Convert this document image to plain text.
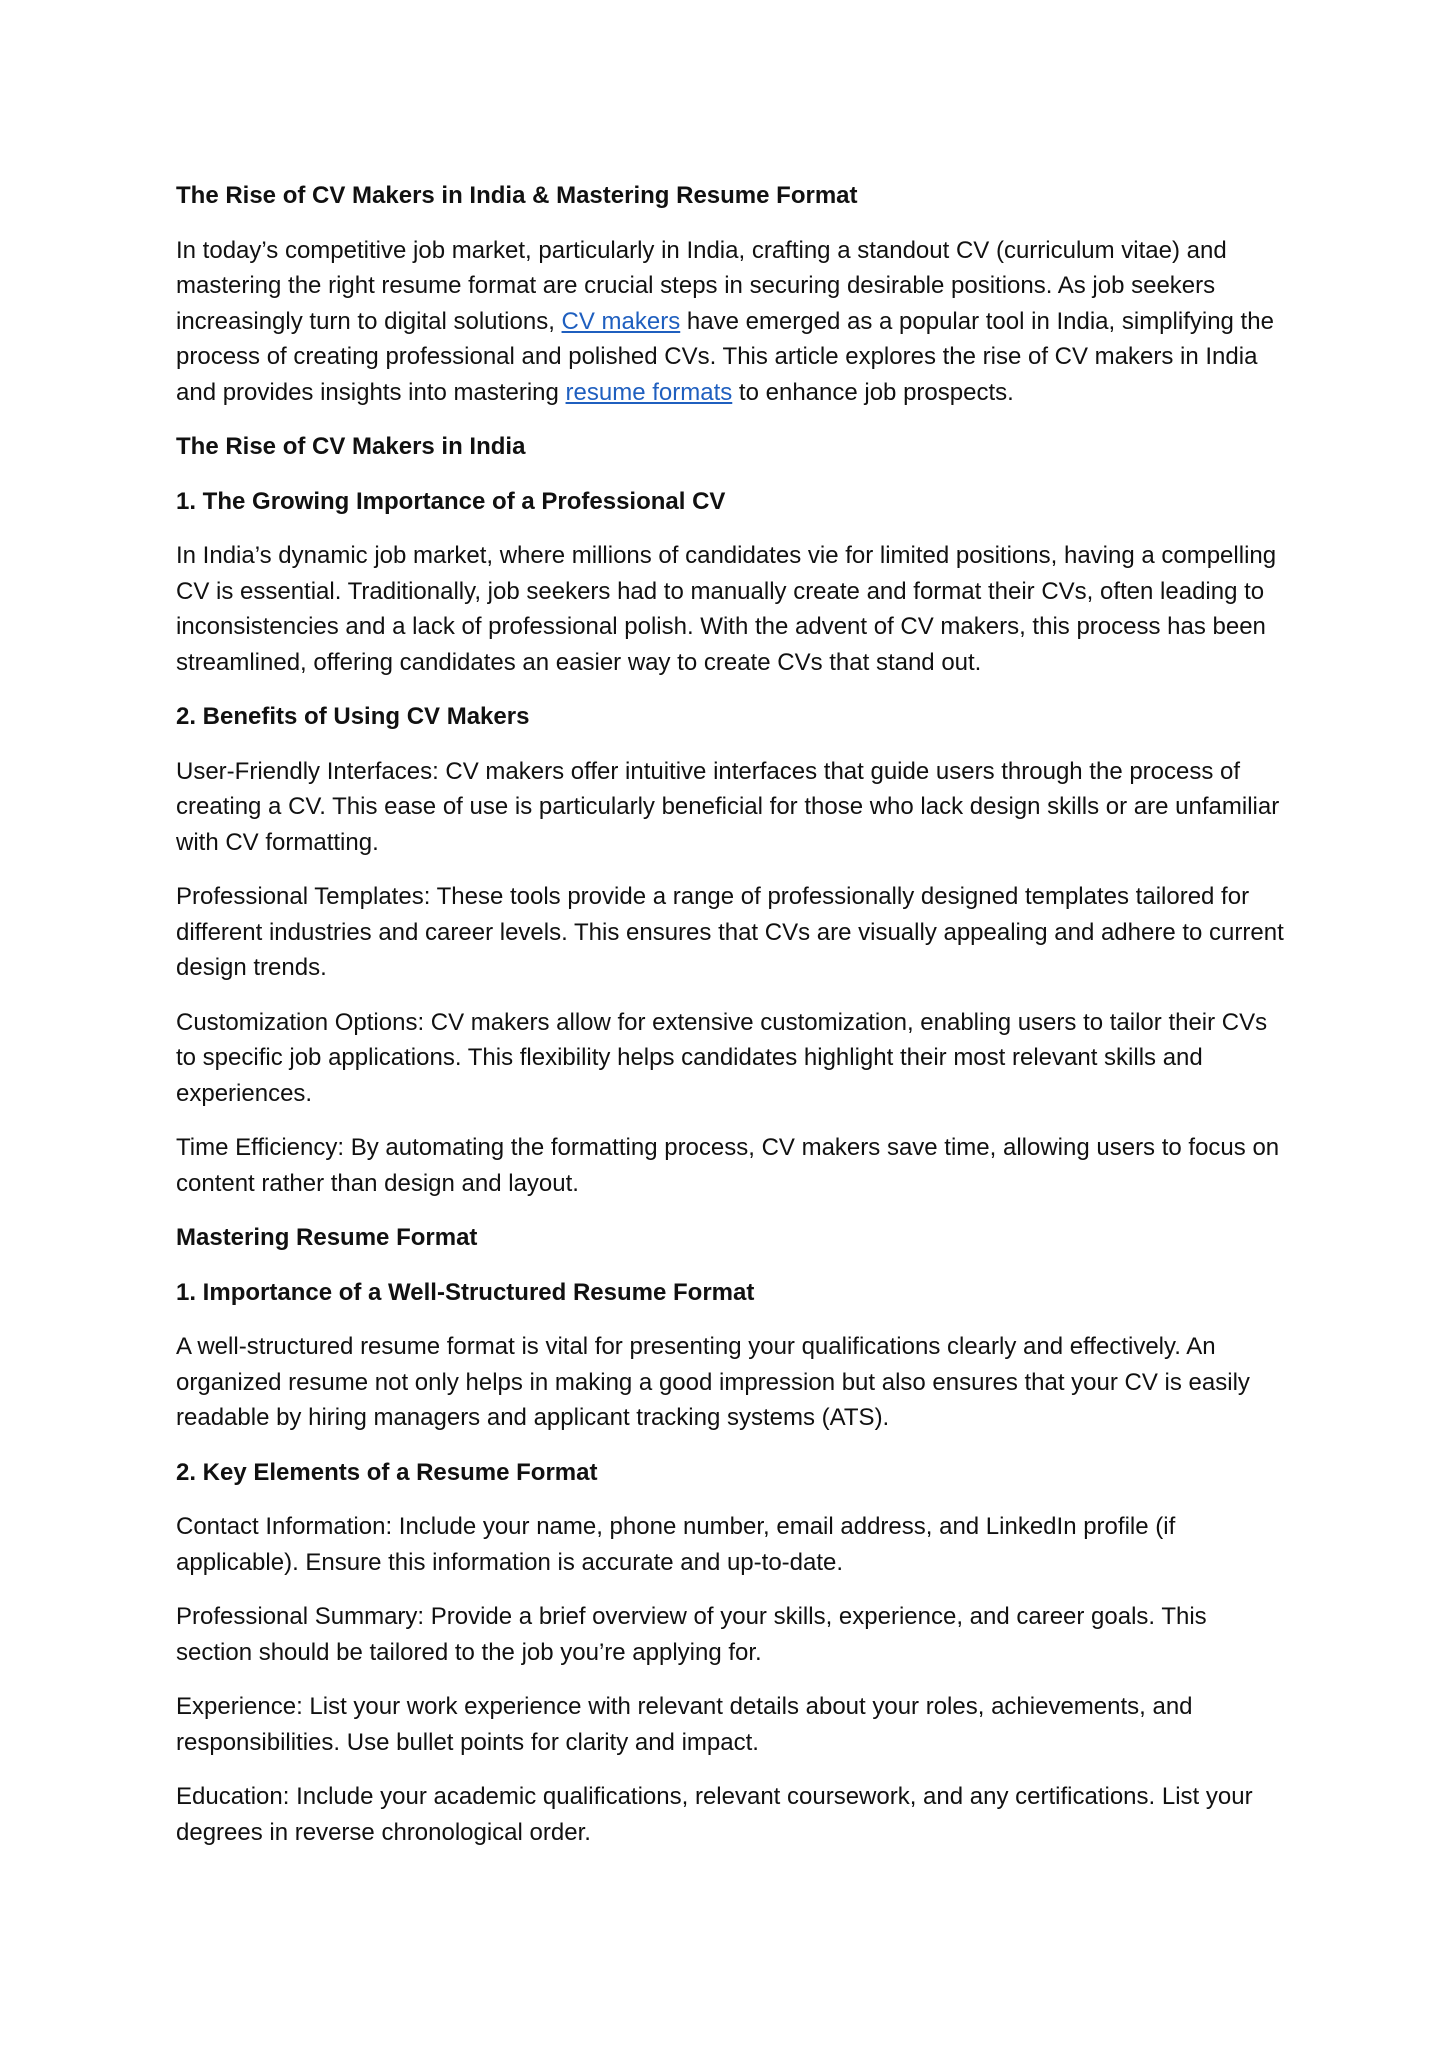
The Rise of CV Makers in India & Mastering Resume Format

In today’s competitive job market, particularly in India, crafting a standout CV (curriculum vitae) and mastering the right resume format are crucial steps in securing desirable positions. As job seekers increasingly turn to digital solutions, CV makers have emerged as a popular tool in India, simplifying the process of creating professional and polished CVs. This article explores the rise of CV makers in India and provides insights into mastering resume formats to enhance job prospects.

The Rise of CV Makers in India
1. The Growing Importance of a Professional CV

In India’s dynamic job market, where millions of candidates vie for limited positions, having a compelling CV is essential. Traditionally, job seekers had to manually create and format their CVs, often leading to inconsistencies and a lack of professional polish. With the advent of CV makers, this process has been streamlined, offering candidates an easier way to create CVs that stand out.

2. Benefits of Using CV Makers

User-Friendly Interfaces: CV makers offer intuitive interfaces that guide users through the process of creating a CV. This ease of use is particularly beneficial for those who lack design skills or are unfamiliar with CV formatting.

Professional Templates: These tools provide a range of professionally designed templates tailored for different industries and career levels. This ensures that CVs are visually appealing and adhere to current design trends.

Customization Options: CV makers allow for extensive customization, enabling users to tailor their CVs to specific job applications. This flexibility helps candidates highlight their most relevant skills and experiences.

Time Efficiency: By automating the formatting process, CV makers save time, allowing users to focus on content rather than design and layout.

Mastering Resume Format
1. Importance of a Well-Structured Resume Format

A well-structured resume format is vital for presenting your qualifications clearly and effectively. An organized resume not only helps in making a good impression but also ensures that your CV is easily readable by hiring managers and applicant tracking systems (ATS).

2. Key Elements of a Resume Format

Contact Information: Include your name, phone number, email address, and LinkedIn profile (if applicable). Ensure this information is accurate and up-to-date.

Professional Summary: Provide a brief overview of your skills, experience, and career goals. This section should be tailored to the job you’re applying for.

Experience: List your work experience with relevant details about your roles, achievements, and responsibilities. Use bullet points for clarity and impact.

Education: Include your academic qualifications, relevant coursework, and any certifications. List your degrees in reverse chronological order.
